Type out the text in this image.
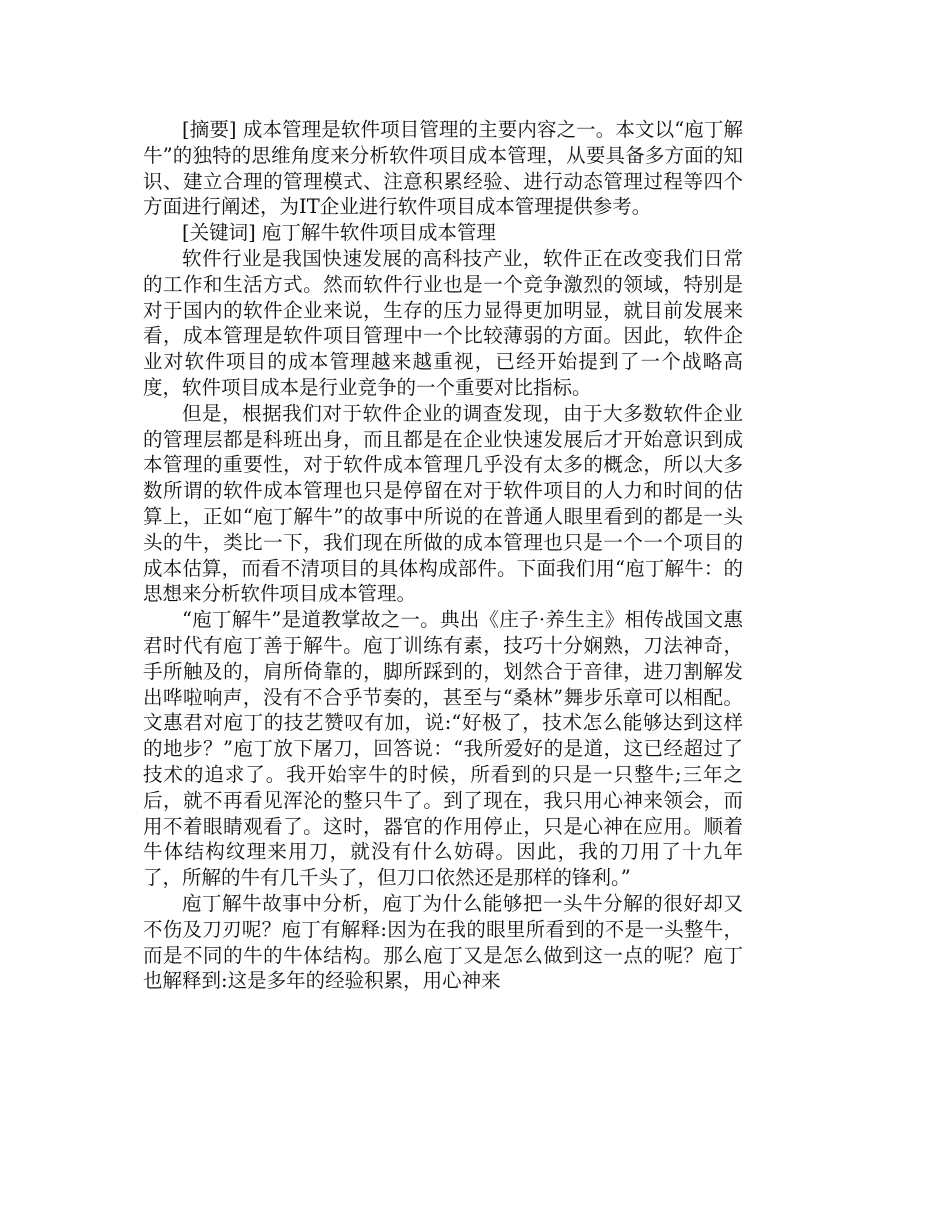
[摘要] 成本管理是软件项目管理的主要内容之一。本文以“庖丁解牛”的独特的思维角度来分析软件项目成本管理，从要具备多方面的知识、建立合理的管理模式、注意积累经验、进行动态管理过程等四个方面进行阐述，为IT企业进行软件项目成本管理提供参考。

[关键词] 庖丁解牛软件项目成本管理

软件行业是我国快速发展的高科技产业，软件正在改变我们日常的工作和生活方式。然而软件行业也是一个竞争激烈的领域，特别是对于国内的软件企业来说，生存的压力显得更加明显，就目前发展来看，成本管理是软件项目管理中一个比较薄弱的方面。因此，软件企业对软件项目的成本管理越来越重视，已经开始提到了一个战略高度，软件项目成本是行业竞争的一个重要对比指标。

但是，根据我们对于软件企业的调查发现，由于大多数软件企业的管理层都是科班出身，而且都是在企业快速发展后才开始意识到成本管理的重要性，对于软件成本管理几乎没有太多的概念，所以大多数所谓的软件成本管理也只是停留在对于软件项目的人力和时间的估算上，正如“庖丁解牛”的故事中所说的在普通人眼里看到的都是一头头的牛，类比一下，我们现在所做的成本管理也只是一个一个项目的成本估算，而看不清项目的具体构成部件。下面我们用“庖丁解牛：的思想来分析软件项目成本管理。

“庖丁解牛”是道教掌故之一。典出《庄子·养生主》相传战国文惠君时代有庖丁善于解牛。庖丁训练有素，技巧十分娴熟，刀法神奇，手所触及的，肩所倚靠的，脚所踩到的，划然合于音律，进刀割解发出哗啦响声，没有不合乎节奏的，甚至与“桑林”舞步乐章可以相配。文惠君对庖丁的技艺赞叹有加，说:“好极了，技术怎么能够达到这样的地步？”庖丁放下屠刀，回答说：“我所爱好的是道，这已经超过了技术的追求了。我开始宰牛的时候，所看到的只是一只整牛;三年之后，就不再看见浑沦的整只牛了。到了现在，我只用心神来领会，而用不着眼睛观看了。这时，器官的作用停止，只是心神在应用。顺着牛体结构纹理来用刀，就没有什么妨碍。因此，我的刀用了十九年了，所解的牛有几千头了，但刀口依然还是那样的锋利。”

庖丁解牛故事中分析，庖丁为什么能够把一头牛分解的很好却又不伤及刀刃呢？庖丁有解释:因为在我的眼里所看到的不是一头整牛，而是不同的牛的牛体结构。那么庖丁又是怎么做到这一点的呢？庖丁也解释到:这是多年的经验积累，用心神来
